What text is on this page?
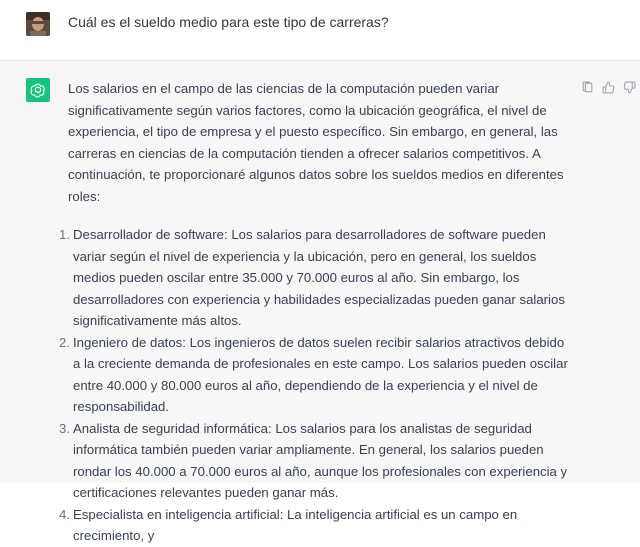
Cuál es el sueldo medio para este tipo de carreras?

Los salarios en el campo de las ciencias de la computación pueden variar significativamente según varios factores, como la ubicación geográfica, el nivel de experiencia, el tipo de empresa y el puesto específico. Sin embargo, en general, las carreras en ciencias de la computación tienden a ofrecer salarios competitivos. A continuación, te proporcionaré algunos datos sobre los sueldos medios en diferentes roles:

1. Desarrollador de software: Los salarios para desarrolladores de software pueden variar según el nivel de experiencia y la ubicación, pero en general, los sueldos medios pueden oscilar entre 35.000 y 70.000 euros al año. Sin embargo, los desarrolladores con experiencia y habilidades especializadas pueden ganar salarios significativamente más altos.
2. Ingeniero de datos: Los ingenieros de datos suelen recibir salarios atractivos debido a la creciente demanda de profesionales en este campo. Los salarios pueden oscilar entre 40.000 y 80.000 euros al año, dependiendo de la experiencia y el nivel de responsabilidad.
3. Analista de seguridad informática: Los salarios para los analistas de seguridad informática también pueden variar ampliamente. En general, los salarios pueden rondar los 40.000 a 70.000 euros al año, aunque los profesionales con experiencia y certificaciones relevantes pueden ganar más.
4. Especialista en inteligencia artificial: La inteligencia artificial es un campo en crecimiento, y
